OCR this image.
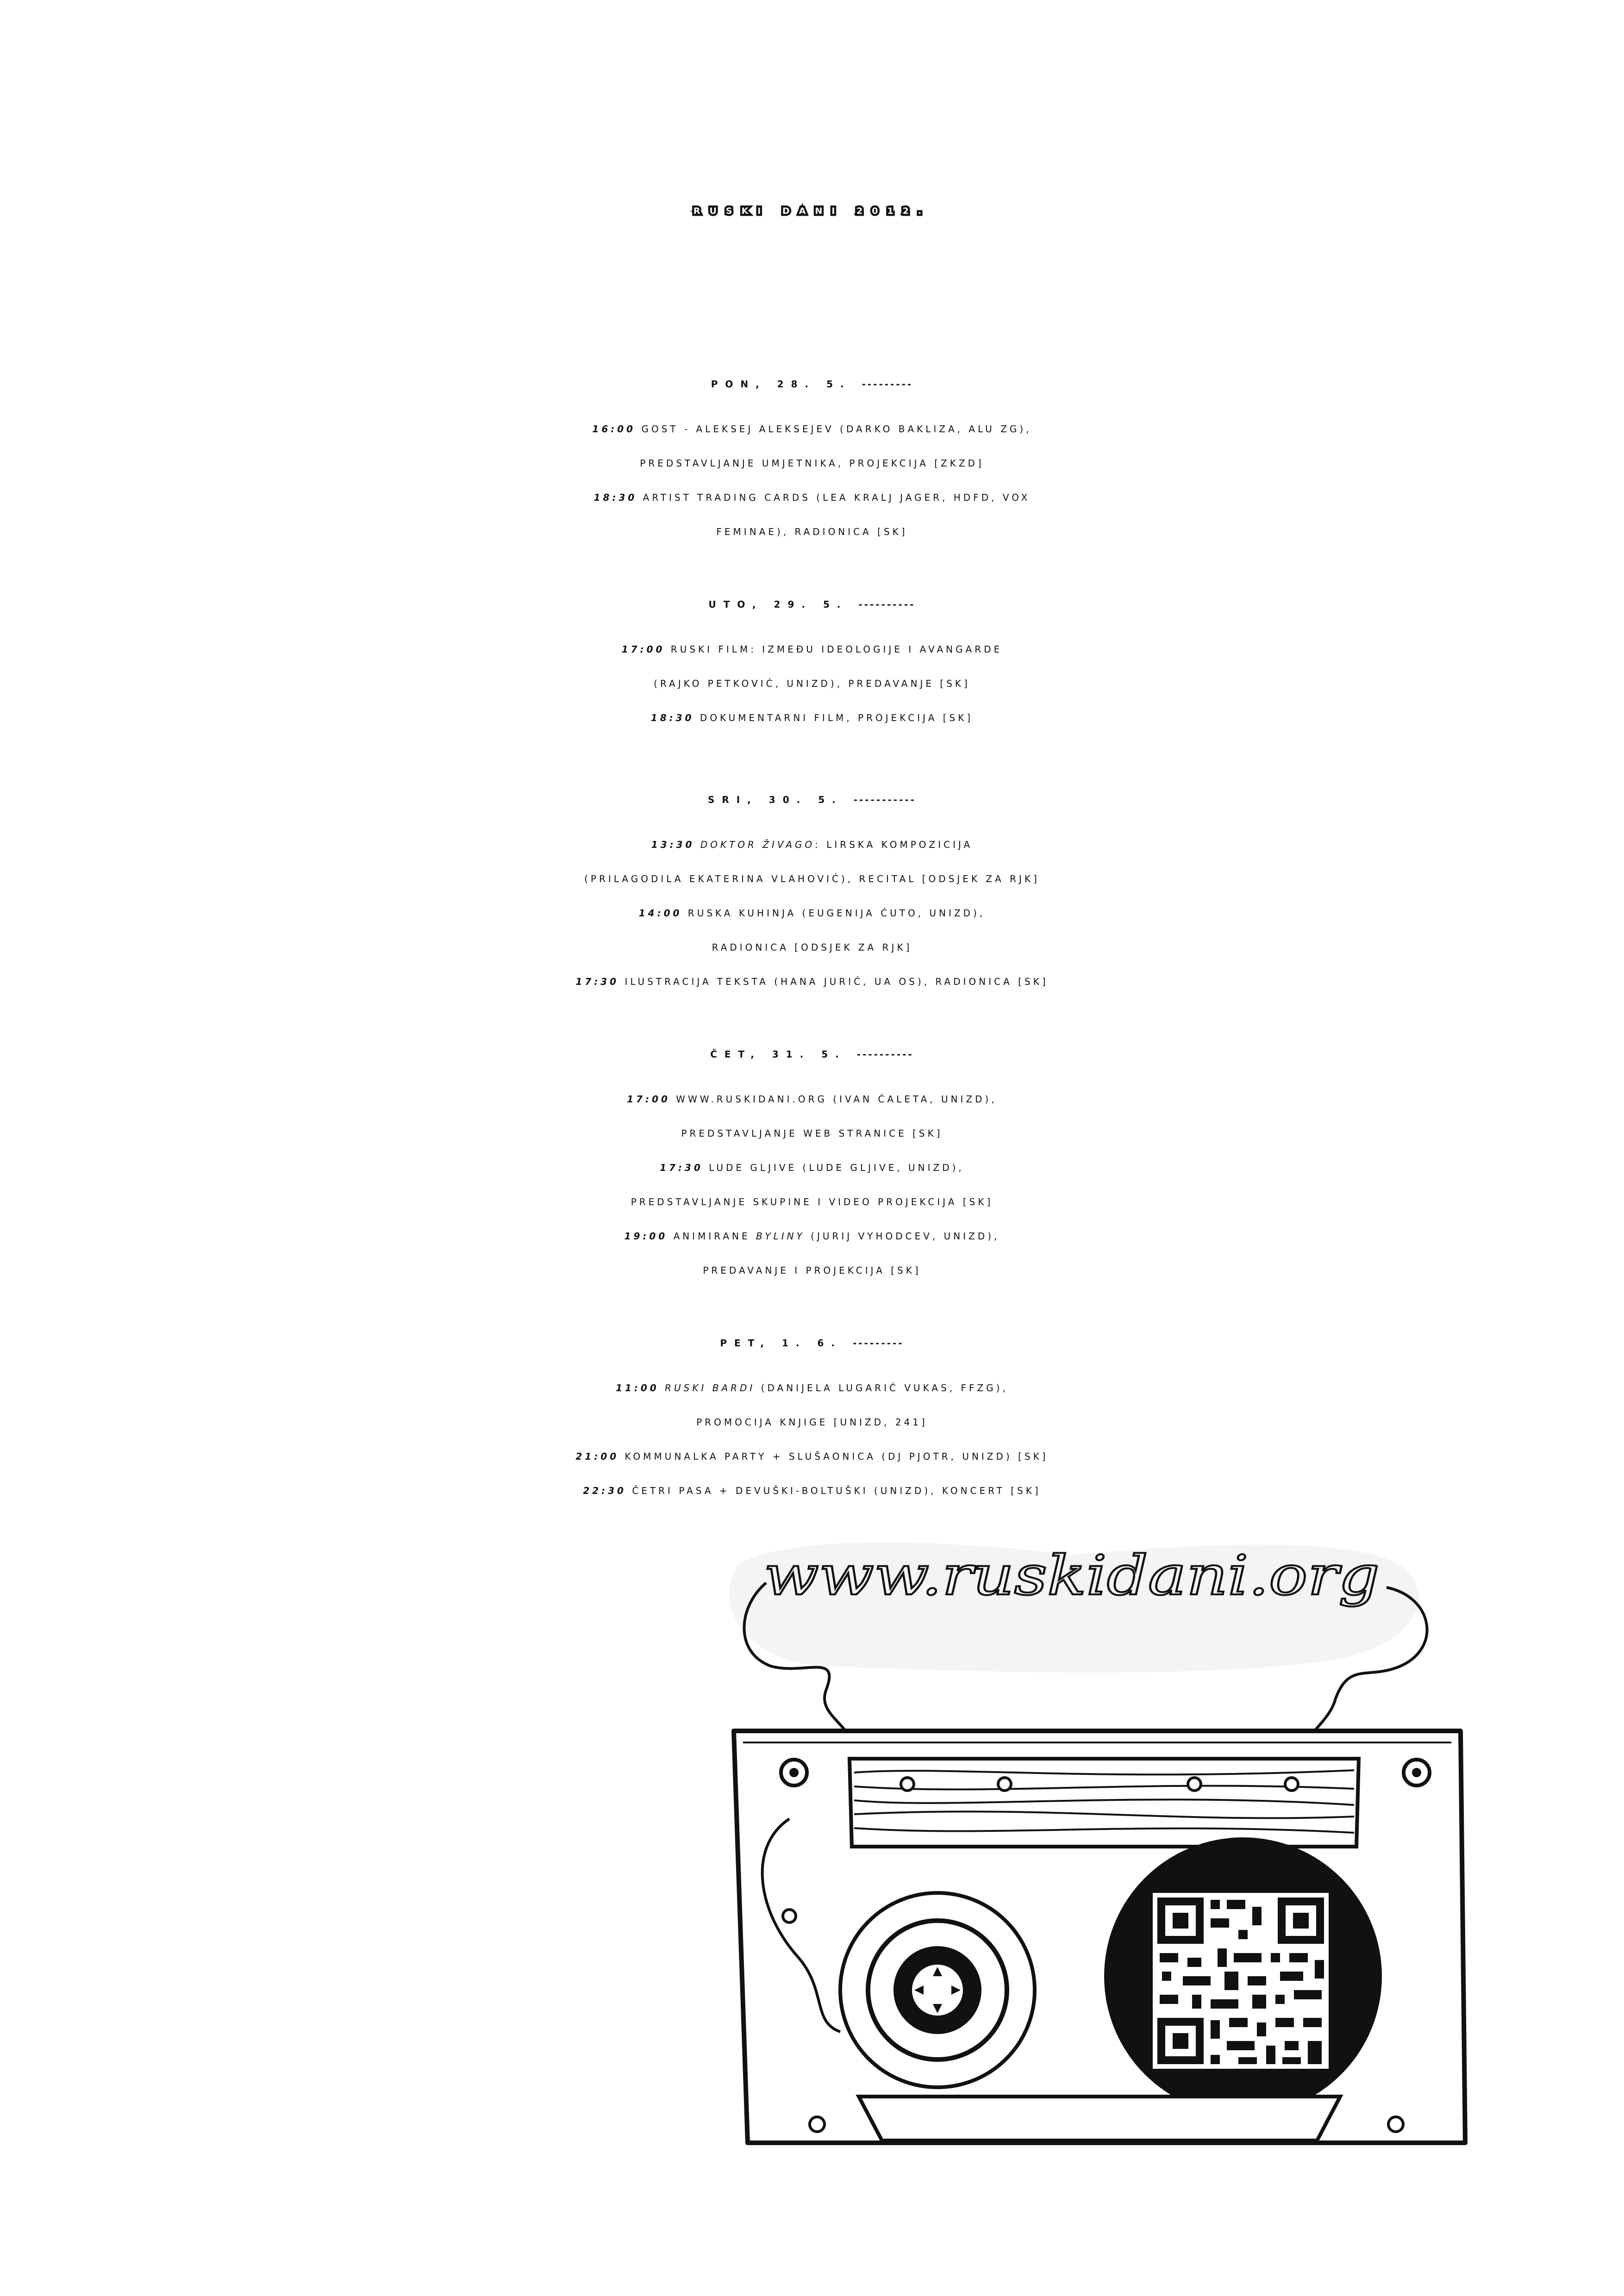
RUSKI DANI 2012.
PON, 28. 5. ---------
16:00 GOST - ALEKSEJ ALEKSEJEV (DARKO BAKLIZA, ALU ZG),
PREDSTAVLJANJE UMJETNIKA, PROJEKCIJA [ZKZD]
18:30 ARTIST TRADING CARDS (LEA KRALJ JAGER, HDFD, VOX
FEMINAE), RADIONICA [SK]
UTO, 29. 5. ----------
17:00 RUSKI FILM: IZMEĐU IDEOLOGIJE I AVANGARDE
(RAJKO PETKOVIĆ, UNIZD), PREDAVANJE [SK]
18:30 DOKUMENTARNI FILM, PROJEKCIJA [SK]
SRI, 30. 5. -----------
13:30 DOKTOR ŽIVAGO: LIRSKA KOMPOZICIJA
(PRILAGODILA EKATERINA VLAHOVIĆ), RECITAL [ODSJEK ZA RJK]
14:00 RUSKA KUHINJA (EUGENIJA ĆUTO, UNIZD),
RADIONICA [ODSJEK ZA RJK]
17:30 ILUSTRACIJA TEKSTA (HANA JURIĆ, UA OS), RADIONICA [SK]
ČET, 31. 5. ----------
17:00 WWW.RUSKIDANI.ORG (IVAN ĆALETA, UNIZD),
PREDSTAVLJANJE WEB STRANICE [SK]
17:30 LUDE GLJIVE (LUDE GLJIVE, UNIZD),
PREDSTAVLJANJE SKUPINE I VIDEO PROJEKCIJA [SK]
19:00 ANIMIRANE BYLINY (JURIJ VYHODCEV, UNIZD),
PREDAVANJE I PROJEKCIJA [SK]
PET, 1. 6. ---------
11:00 RUSKI BARDI (DANIJELA LUGARIĆ VUKAS, FFZG),
PROMOCIJA KNJIGE [UNIZD, 241]
21:00 KOMMUNALKA PARTY + SLUŠAONICA (DJ PJOTR, UNIZD) [SK]
22:30 ČETRI PASA + DEVUŠKI-BOLTUŠKI (UNIZD), KONCERT [SK]
www.ruskidani.org
